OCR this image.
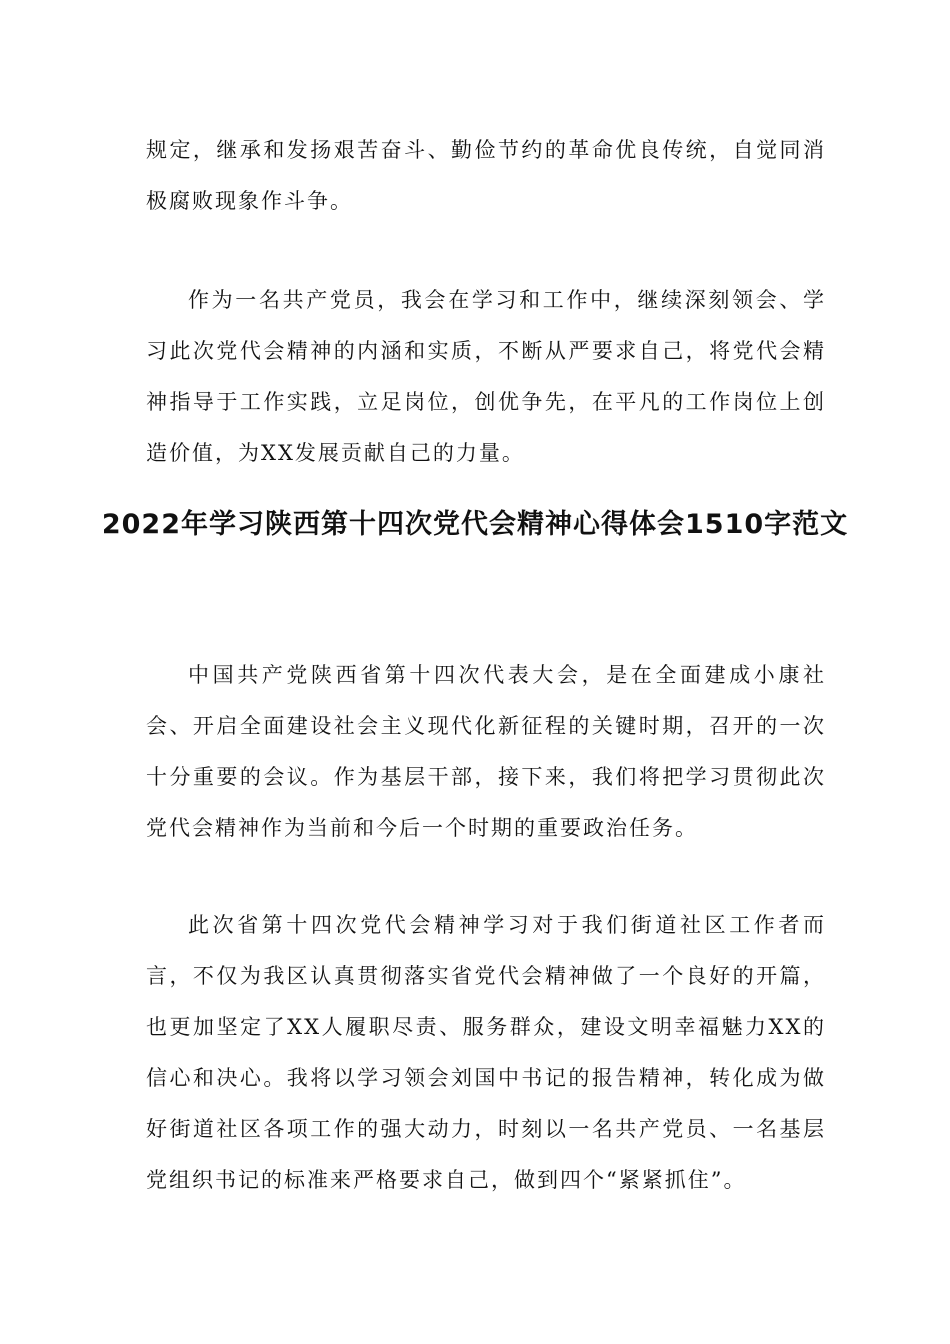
规定，继承和发扬艰苦奋斗、勤俭节约的革命优良传统，自觉同消极腐败现象作斗争。

作为一名共产党员，我会在学习和工作中，继续深刻领会、学习此次党代会精神的内涵和实质，不断从严要求自己，将党代会精神指导于工作实践，立足岗位，创优争先，在平凡的工作岗位上创造价值，为XX发展贡献自己的力量。

2022年学习陕西第十四次党代会精神心得体会1510字范文

中国共产党陕西省第十四次代表大会，是在全面建成小康社会、开启全面建设社会主义现代化新征程的关键时期，召开的一次十分重要的会议。作为基层干部，接下来，我们将把学习贯彻此次党代会精神作为当前和今后一个时期的重要政治任务。

此次省第十四次党代会精神学习对于我们街道社区工作者而言，不仅为我区认真贯彻落实省党代会精神做了一个良好的开篇，也更加坚定了XX人履职尽责、服务群众，建设文明幸福魅力XX的信心和决心。我将以学习领会刘国中书记的报告精神，转化成为做好街道社区各项工作的强大动力，时刻以一名共产党员、一名基层党组织书记的标准来严格要求自己，做到四个“紧紧抓住”。
